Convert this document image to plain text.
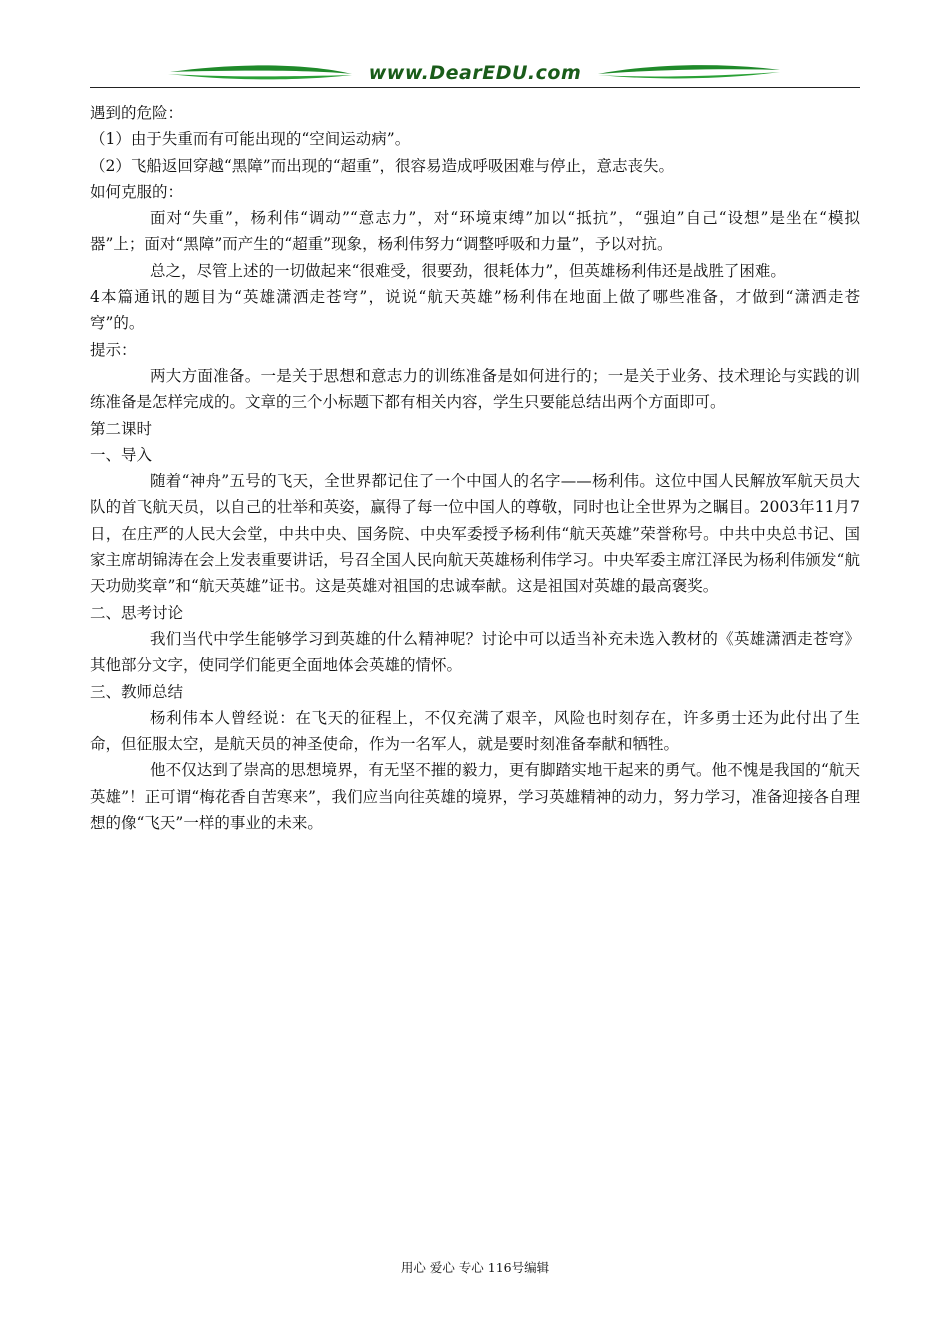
www.DearEDU.com

遇到的危险：

（1）由于失重而有可能出现的“空间运动病”。

（2）飞船返回穿越“黑障”而出现的“超重”，很容易造成呼吸困难与停止，意志丧失。

如何克服的：

面对“失重”，杨利伟“调动”“意志力”，对“环境束缚”加以“抵抗”，“强迫”自己“设想”是坐在“模拟器”上；面对“黑障”而产生的“超重”现象，杨利伟努力“调整呼吸和力量”，予以对抗。

总之，尽管上述的一切做起来“很难受，很要劲，很耗体力”，但英雄杨利伟还是战胜了困难。

4本篇通讯的题目为“英雄潇洒走苍穹”，说说“航天英雄”杨利伟在地面上做了哪些准备，才做到“潇洒走苍穹”的。

提示：

两大方面准备。一是关于思想和意志力的训练准备是如何进行的；一是关于业务、技术理论与实践的训练准备是怎样完成的。文章的三个小标题下都有相关内容，学生只要能总结出两个方面即可。

第二课时

一、导入

随着“神舟”五号的飞天，全世界都记住了一个中国人的名字——杨利伟。这位中国人民解放军航天员大队的首飞航天员，以自己的壮举和英姿，赢得了每一位中国人的尊敬，同时也让全世界为之瞩目。2003年11月7日，在庄严的人民大会堂，中共中央、国务院、中央军委授予杨利伟“航天英雄”荣誉称号。中共中央总书记、国家主席胡锦涛在会上发表重要讲话，号召全国人民向航天英雄杨利伟学习。中央军委主席江泽民为杨利伟颁发“航天功勋奖章”和“航天英雄”证书。这是英雄对祖国的忠诚奉献。这是祖国对英雄的最高褒奖。

二、思考讨论

我们当代中学生能够学习到英雄的什么精神呢？讨论中可以适当补充未选入教材的《英雄潇洒走苍穹》其他部分文字，使同学们能更全面地体会英雄的情怀。

三、教师总结

杨利伟本人曾经说：在飞天的征程上，不仅充满了艰辛，风险也时刻存在，许多勇士还为此付出了生命，但征服太空，是航天员的神圣使命，作为一名军人，就是要时刻准备奉献和牺牲。

他不仅达到了崇高的思想境界，有无坚不摧的毅力，更有脚踏实地干起来的勇气。他不愧是我国的“航天英雄”！正可谓“梅花香自苦寒来”，我们应当向往英雄的境界，学习英雄精神的动力，努力学习，准备迎接各自理想的像“飞天”一样的事业的未来。

用心 爱心 专心 116号编辑
